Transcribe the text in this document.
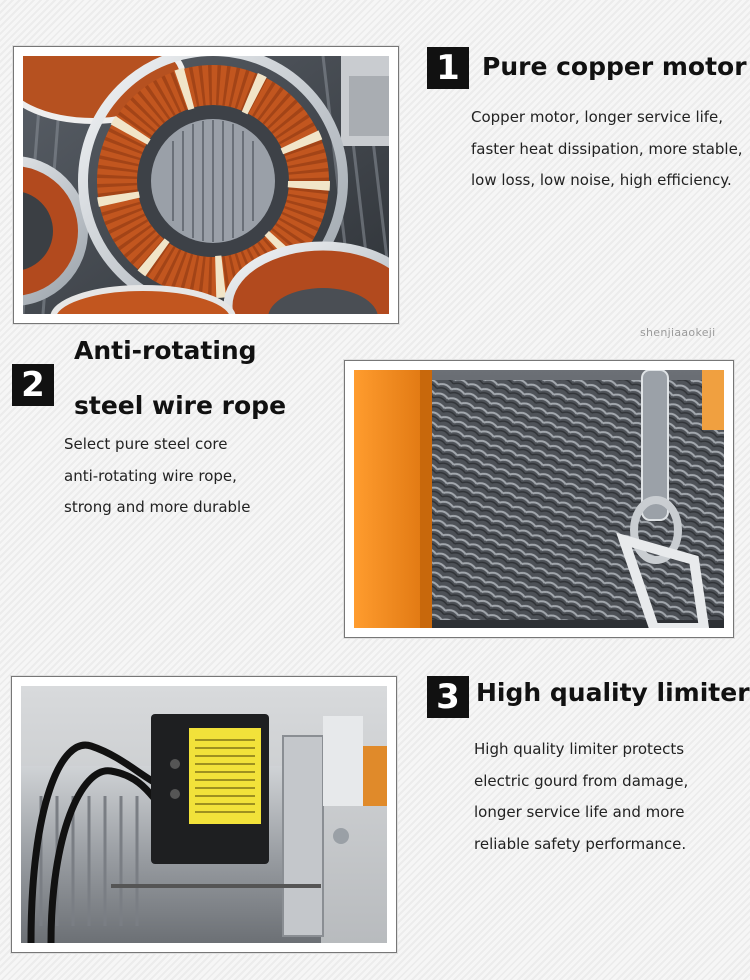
1 Pure copper motor
Copper motor, longer service life,
faster heat dissipation, more stable,
low loss, low noise, high efficiency.
shenjiaaokeji
2
Anti-rotating
steel wire rope
Select pure steel core
anti-rotating wire rope,
strong and more durable
3 High quality limiter
High quality limiter protects
electric gourd from damage,
longer service life and more
reliable safety performance.
